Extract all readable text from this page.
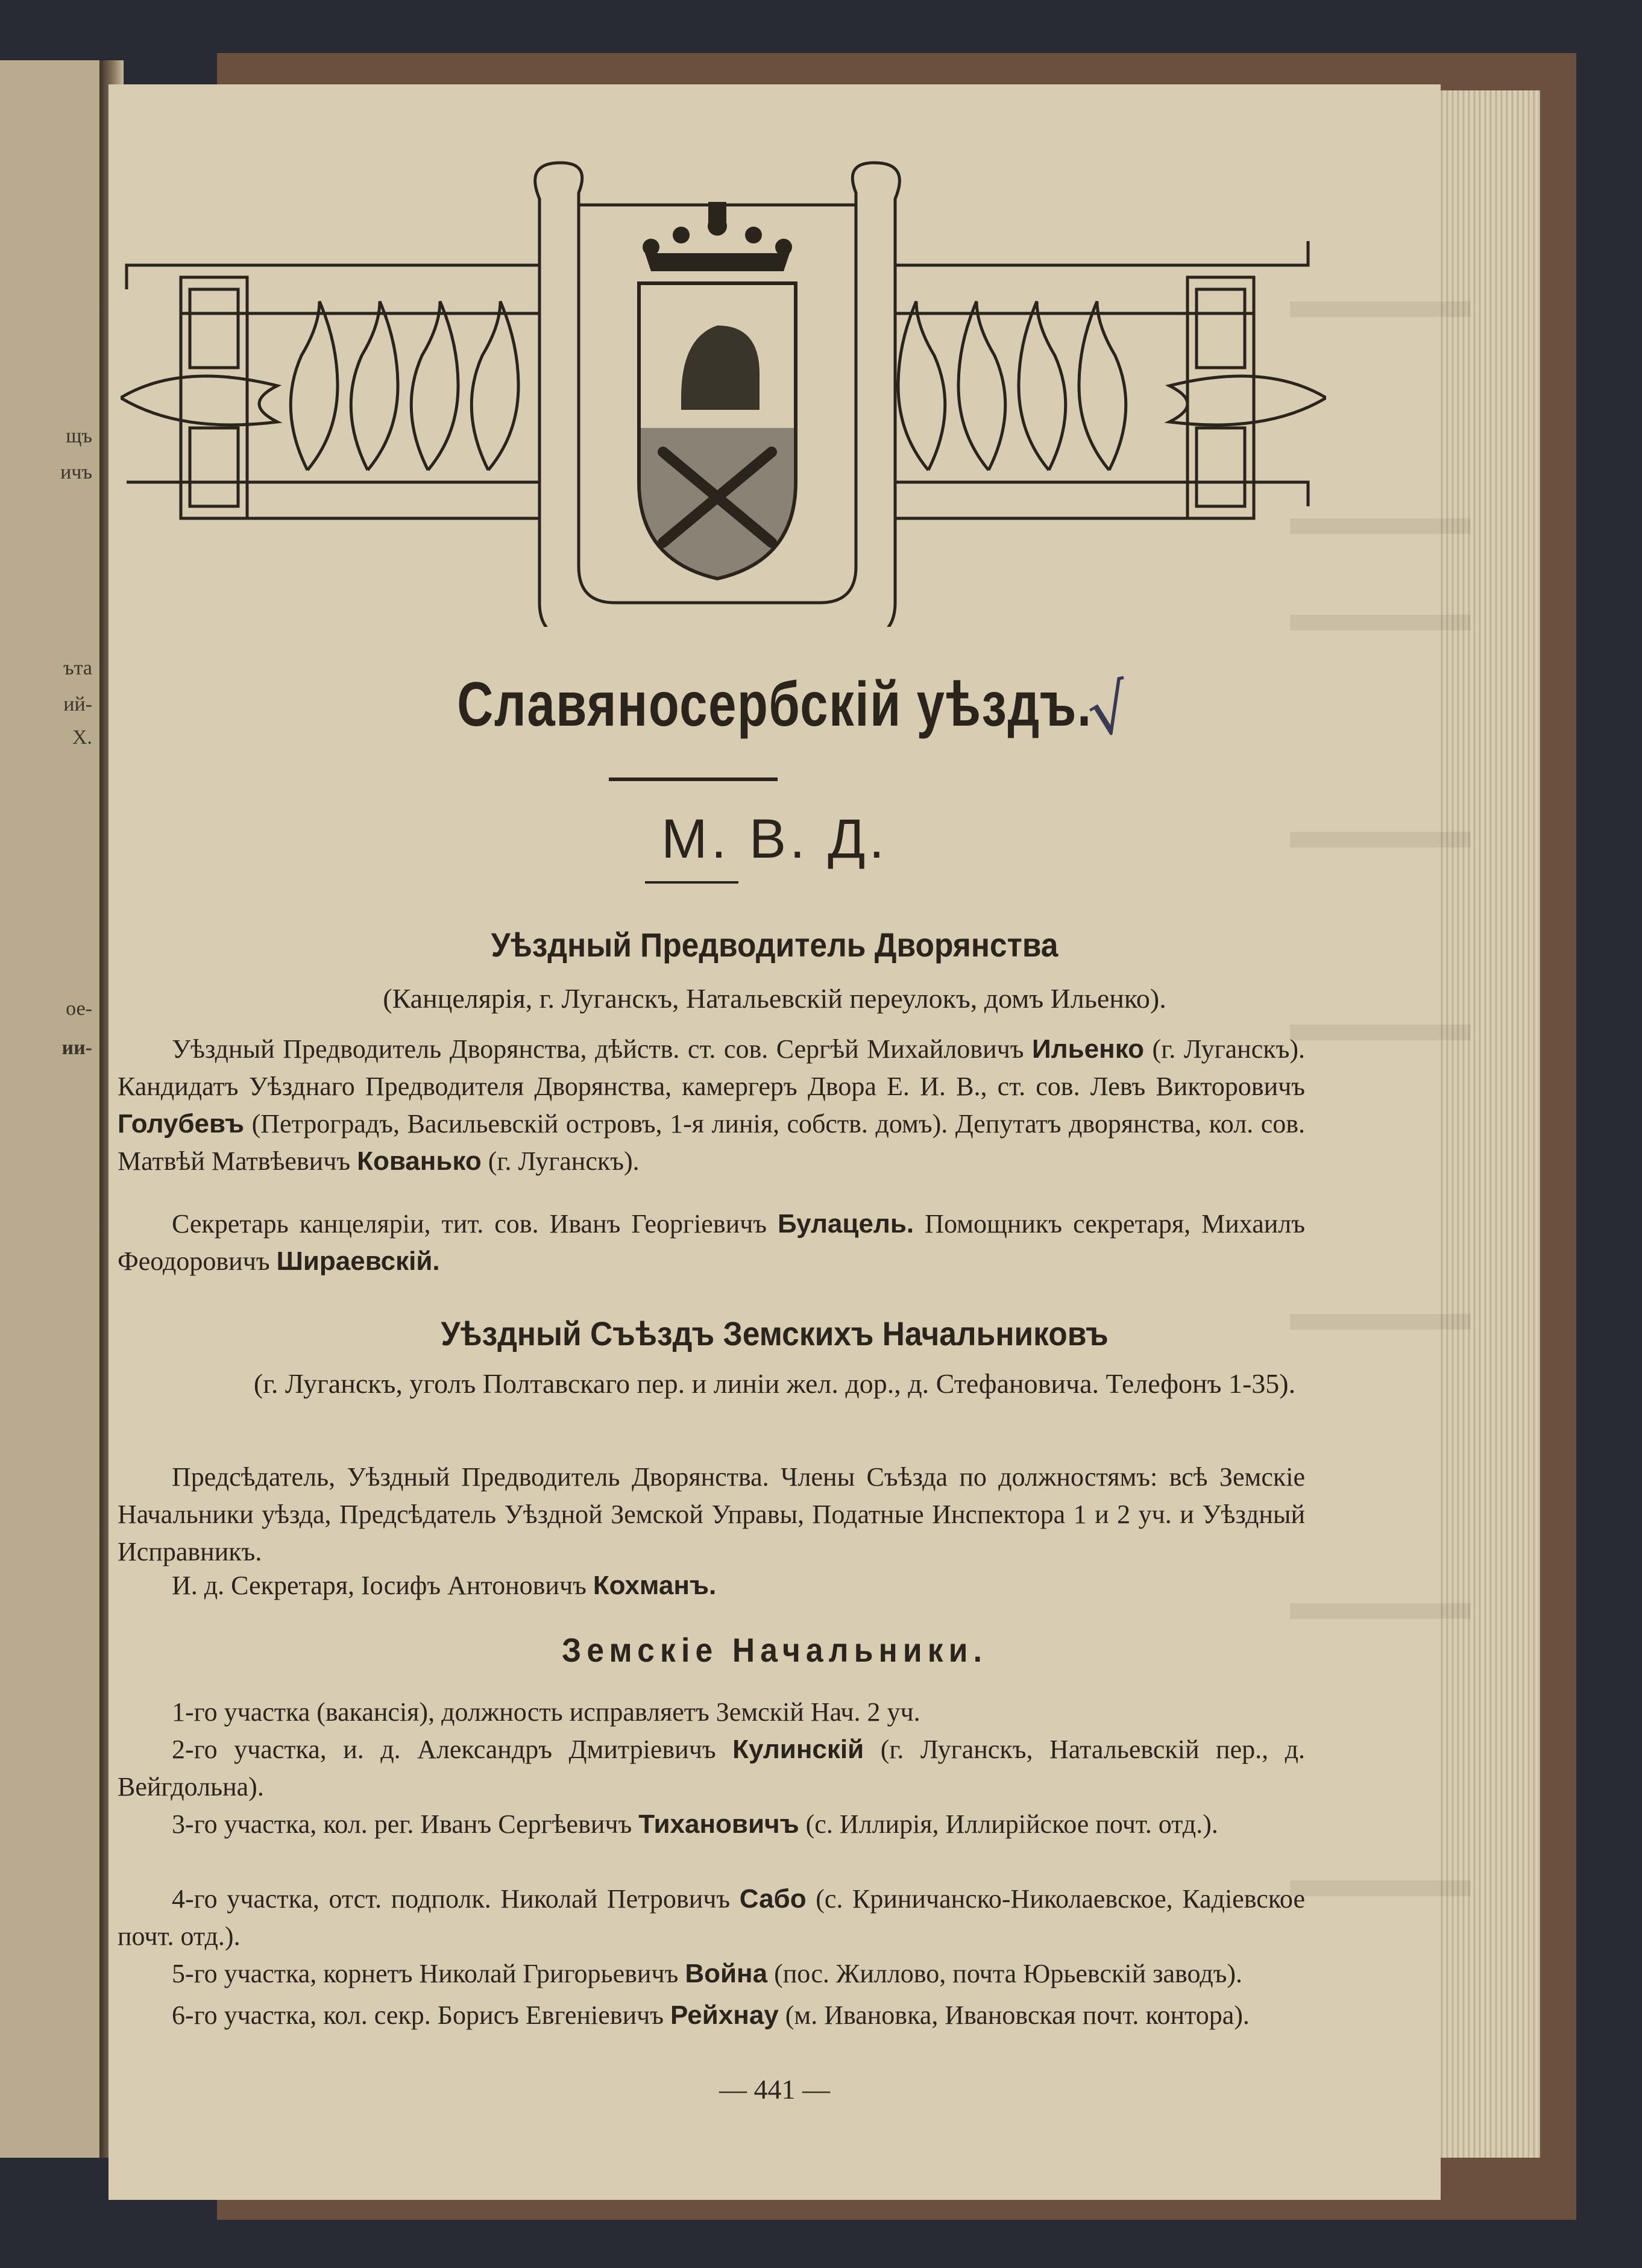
щъ
ичъ
ъта
ий-
Х.
ое-
ии-
Славяносербскій уѣздъ.
√
М. В. Д.
Уѣздный Предводитель Дворянства
(Канцелярія, г. Луганскъ, Натальевскій переулокъ, домъ Ильенко).
Уѣздный Предводитель Дворянства, дѣйств. ст. сов. Сергѣй Михайловичъ Ильенко (г. Луганскъ). Кандидатъ Уѣзднаго Предводителя Дворянства, камергеръ Двора Е. И. В., ст. сов. Левъ Викторовичъ Голубевъ (Петроградъ, Васильевскій островъ, 1-я линія, собств. домъ). Депутатъ дворянства, кол. сов. Матвѣй Матвѣевичъ Кованько (г. Луганскъ).
Секретарь канцеляріи, тит. сов. Иванъ Георгіевичъ Булацель. Помощникъ секретаря, Михаилъ Феодоровичъ Шираевскій.
Уѣздный Съѣздъ Земскихъ Начальниковъ
(г. Луганскъ, уголъ Полтавскаго пер. и линіи жел. дор., д. Стефановича. Телефонъ 1-35).
Предсѣдатель, Уѣздный Предводитель Дворянства. Члены Съѣзда по должностямъ: всѣ Земскіе Начальники уѣзда, Предсѣдатель Уѣздной Земской Управы, Податные Инспектора 1 и 2 уч. и Уѣздный Исправникъ.
И. д. Секретаря, Іосифъ Антоновичъ Кохманъ.
Земскіе Начальники.
1-го участка (вакансія), должность исправляетъ Земскій Нач. 2 уч.
2-го участка, и. д. Александръ Дмитріевичъ Кулинскій (г. Луганскъ, Натальевскій пер., д. Вейгдольна).
3-го участка, кол. рег. Иванъ Сергѣевичъ Тихановичъ (с. Иллирія, Иллирійское почт. отд.).
4-го участка, отст. подполк. Николай Петровичъ Сабо (с. Криничанско-Николаевское, Кадіевское почт. отд.).
5-го участка, корнетъ Николай Григорьевичъ Война (пос. Жиллово, почта Юрьевскій заводъ).
6-го участка, кол. секр. Борисъ Евгеніевичъ Рейхнау (м. Ивановка, Ивановская почт. контора).
— 441 —
